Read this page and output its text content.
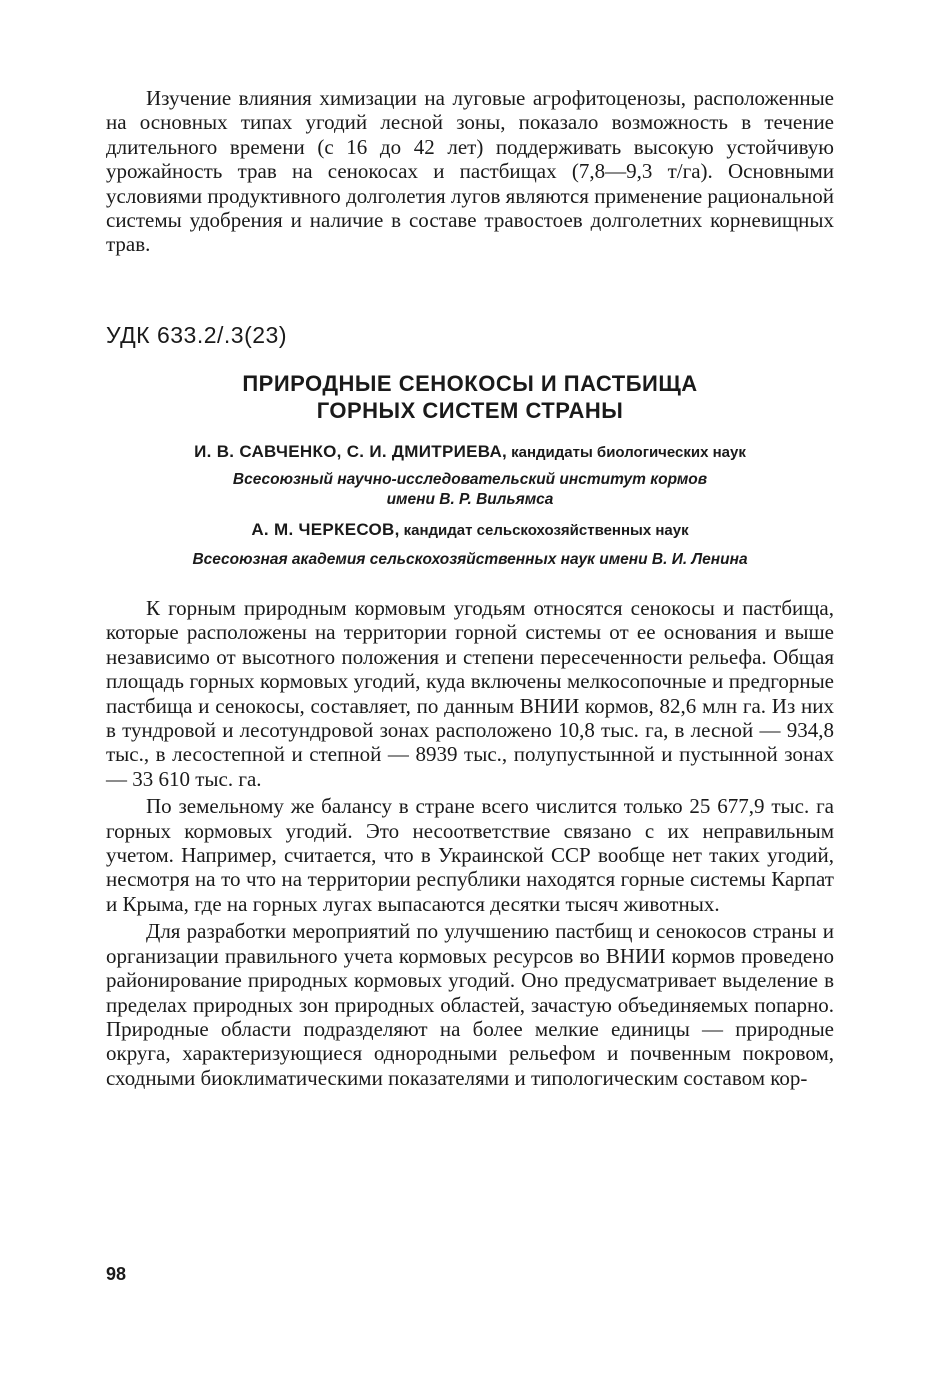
Изучение влияния химизации на луговые агрофитоценозы, расположенные на основных типах угодий лесной зоны, показало возможность в течение длительного времени (с 16 до 42 лет) поддерживать высокую устойчивую урожайность трав на сенокосах и пастбищах (7,8—9,3 т/га). Основными условиями продуктивного долголетия лугов являются применение рациональной системы удобрения и наличие в составе травостоев долголетних корневищных трав.

УДК 633.2/.3(23)

ПРИРОДНЫЕ СЕНОКОСЫ И ПАСТБИЩА
ГОРНЫХ СИСТЕМ СТРАНЫ

И. В. САВЧЕНКО, С. И. ДМИТРИЕВА, кандидаты биологических наук

Всесоюзный научно-исследовательский институт кормов
имени В. Р. Вильямса

А. М. ЧЕРКЕСОВ, кандидат сельскохозяйственных наук

Всесоюзная академия сельскохозяйственных наук имени В. И. Ленина

К горным природным кормовым угодьям относятся сенокосы и пастбища, которые расположены на территории горной системы от ее основания и выше независимо от высотного положения и степени пересеченности рельефа. Общая площадь горных кормовых угодий, куда включены мелкосопочные и предгорные пастбища и сенокосы, составляет, по данным ВНИИ кормов, 82,6 млн га. Из них в тундровой и лесотундровой зонах расположено 10,8 тыс. га, в лесной — 934,8 тыс., в лесостепной и степной — 8939 тыс., полупустынной и пустынной зонах — 33 610 тыс. га.

По земельному же балансу в стране всего числится только 25 677,9 тыс. га горных кормовых угодий. Это несоответствие связано с их неправильным учетом. Например, считается, что в Украинской ССР вообще нет таких угодий, несмотря на то что на территории республики находятся горные системы Карпат и Крыма, где на горных лугах выпасаются десятки тысяч животных.

Для разработки мероприятий по улучшению пастбищ и сенокосов страны и организации правильного учета кормовых ресурсов во ВНИИ кормов проведено районирование природных кормовых угодий. Оно предусматривает выделение в пределах природных зон природных областей, зачастую объединяемых попарно. Природные области подразделяют на более мелкие единицы — природные округа, характеризующиеся однородными рельефом и почвенным покровом, сходными биоклиматическими показателями и типологическим составом кор-

98
